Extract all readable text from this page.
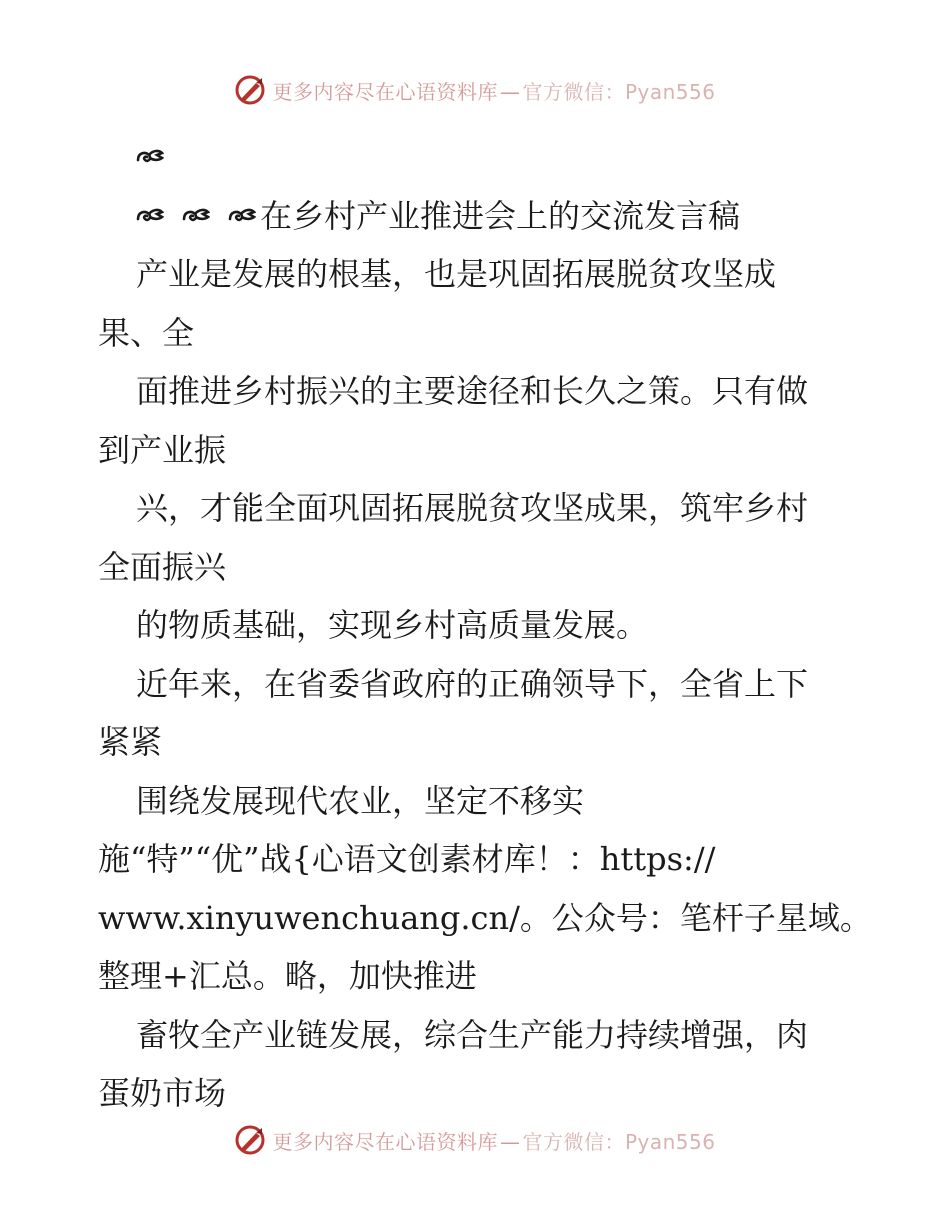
更多内容尽在心语资料库 — 官方微信：Pyan556
在乡村产业推进会上的交流发言稿
产业是发展的根基，也是巩固拓展脱贫攻坚成
果、全
面推进乡村振兴的主要途径和长久之策。只有做
到产业振
兴，才能全面巩固拓展脱贫攻坚成果，筑牢乡村
全面振兴
的物质基础，实现乡村高质量发展。
近年来，在省委省政府的正确领导下，全省上下
紧紧
围绕发展现代农业，坚定不移实
施“特”“优”战{心语文创素材库！：https://
www.xinyuwenchuang.cn/。公众号：笔杆子星域。
整理+汇总。略，加快推进
畜牧全产业链发展，综合生产能力持续增强，肉
蛋奶市场
更多内容尽在心语资料库 — 官方微信：Pyan556
